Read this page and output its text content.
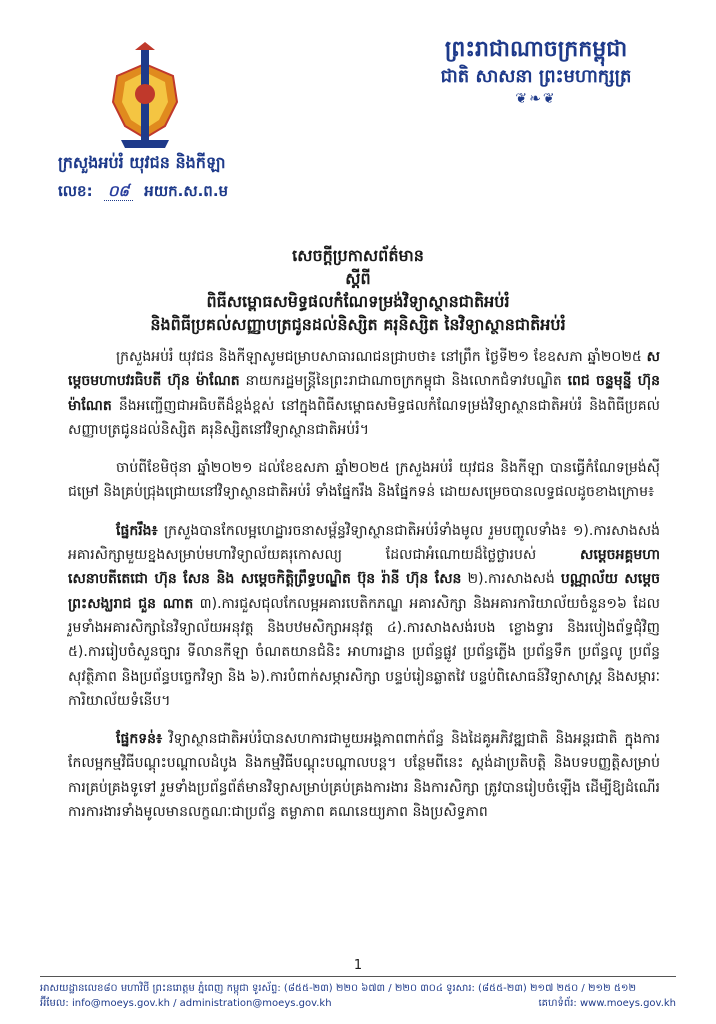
ព្រះរាជាណាចក្រកម្ពុជា
ជាតិ សាសនា ព្រះមហាក្សត្រ
❦❧❦
ក្រសួងអប់រំ យុវជន និងកីឡា
លេខ: ០៨ អយក.ស.ព.ម
សេចក្តីប្រកាសព័ត៌មាន
ស្តីពី
ពិធីសម្ពោធសមិទ្ធផលកំណែទម្រង់វិទ្យាស្ថានជាតិអប់រំ
និងពិធីប្រគល់សញ្ញាបត្រជូនដល់និស្សិត គរុនិស្សិត នៃវិទ្យាស្ថានជាតិអប់រំ

ក្រសួងអប់រំ យុវជន និងកីឡាសូមជម្រាបសាធារណជនជ្រាបថា៖ នៅព្រឹក ថ្ងៃទី២១ ខែឧសភា ឆ្នាំ២០២៥ សម្តេចមហាបវរធិបតី ហ៊ុន ម៉ាណែត នាយករដ្ឋមន្ត្រីនៃព្រះរាជាណាចក្រកម្ពុជា និងលោកជំទាវបណ្ឌិត ពេជ ចន្ទមុន្នី ហ៊ុន ម៉ាណែត នឹងអញ្ជើញជាអធិបតីដ៏ខ្ពង់ខ្ពស់ នៅក្នុងពិធីសម្ពោធសមិទ្ធផលកំណែទម្រង់វិទ្យាស្ថានជាតិអប់រំ និងពិធីប្រគល់សញ្ញាបត្រជូនដល់និស្សិត គរុនិស្សិតនៅវិទ្យាស្ថានជាតិអប់រំ។

ចាប់ពីខែមិថុនា ឆ្នាំ២០២១ ដល់ខែឧសភា ឆ្នាំ២០២៥ ក្រសួងអប់រំ យុវជន និងកីឡា បានធ្វើកំណែទម្រង់ស៊ីជម្រៅ និងគ្រប់ជ្រុងជ្រោយនៅវិទ្យាស្ថានជាតិអប់រំ ទាំងផ្នែករឹង និងផ្នែកទន់ ដោយសម្រេចបានលទ្ធផលដូចខាងក្រោម៖

ផ្នែករឹង៖ ក្រសួងបានកែលម្អហេដ្ឋារចនាសម្ព័ន្ធវិទ្យាស្ថានជាតិអប់រំទាំងមូល រួមបញ្ចូលទាំង៖ ១).ការសាងសង់អគារសិក្សាមួយខ្នងសម្រាប់មហាវិទ្យាល័យគរុកោសល្យ ដែលជាអំណោយដ៏ថ្លៃថ្លារបស់ សម្តេចអគ្គមហាសេនាបតីតេជោ ហ៊ុន សែន និង សម្តេចកិត្តិព្រឹទ្ធបណ្ឌិត ប៊ុន រ៉ានី ហ៊ុន សែន ២).ការសាងសង់ បណ្ណាល័យ សម្តេចព្រះសង្ឃរាជ ជួន ណាត ៣).ការជួសជុលកែលម្អអគារបេតិកភណ្ឌ អគារសិក្សា និងអគារការិយាល័យចំនួន១៦ ដែលរួមទាំងអគារសិក្សានៃវិទ្យាល័យអនុវត្ត និងបឋមសិក្សាអនុវត្ត ៤).ការសាងសង់របង ខ្លោងទ្វារ និងរបៀងព័ទ្ធជុំវិញ ៥).ការរៀបចំសួនច្បារ ទីលានកីឡា ចំណតយានជំនិះ អាហារដ្ឋាន ប្រព័ន្ធផ្លូវ ប្រព័ន្ធភ្លើង ប្រព័ន្ធទឹក ប្រព័ន្ធលូ ប្រព័ន្ធសុវត្ថិភាព និងប្រព័ន្ធបច្ចេកវិទ្យា និង ៦).ការបំពាក់សម្ភារសិក្សា បន្ទប់រៀនឆ្លាតវៃ បន្ទប់ពិសោធន៍វិទ្យាសាស្ត្រ និងសម្ភារៈការិយាល័យទំនើប។

ផ្នែកទន់៖ វិទ្យាស្ថានជាតិអប់រំបានសហការជាមួយអង្គភាពពាក់ព័ន្ធ និងដៃគូអភិវឌ្ឍជាតិ និងអន្តរជាតិ ក្នុងការកែលម្អកម្មវិធីបណ្តុះបណ្តាលដំបូង និងកម្មវិធីបណ្តុះបណ្តាលបន្ត។ បន្ថែមពីនេះ ស្តង់ដាប្រតិបត្តិ និងបទបញ្ញត្តិសម្រាប់ការគ្រប់គ្រងទូទៅ រួមទាំងប្រព័ន្ធព័ត៌មានវិទ្យាសម្រាប់គ្រប់គ្រងការងារ និងការសិក្សា ត្រូវបានរៀបចំឡើង ដើម្បីឱ្យដំណើរការការងារទាំងមូលមានលក្ខណៈជាប្រព័ន្ធ តម្លាភាព គណនេយ្យភាព និងប្រសិទ្ធភាព

1
អាសយដ្ឋានលេខ៨០ មហាវិថី ព្រះនរោត្តម ភ្នំពេញ កម្ពុជា ទូរស័ព្ទ: (៨៥៥-២៣) ២២០ ៦៧៣ / ២២០ ៣០៤ ទូរសារ: (៨៥៥-២៣) ២១៧ ២៥០ / ២១២ ៥១២
អ៊ីមែល: info@moeys.gov.kh / administration@moeys.gov.kh	គេហទំព័រ: www.moeys.gov.kh
